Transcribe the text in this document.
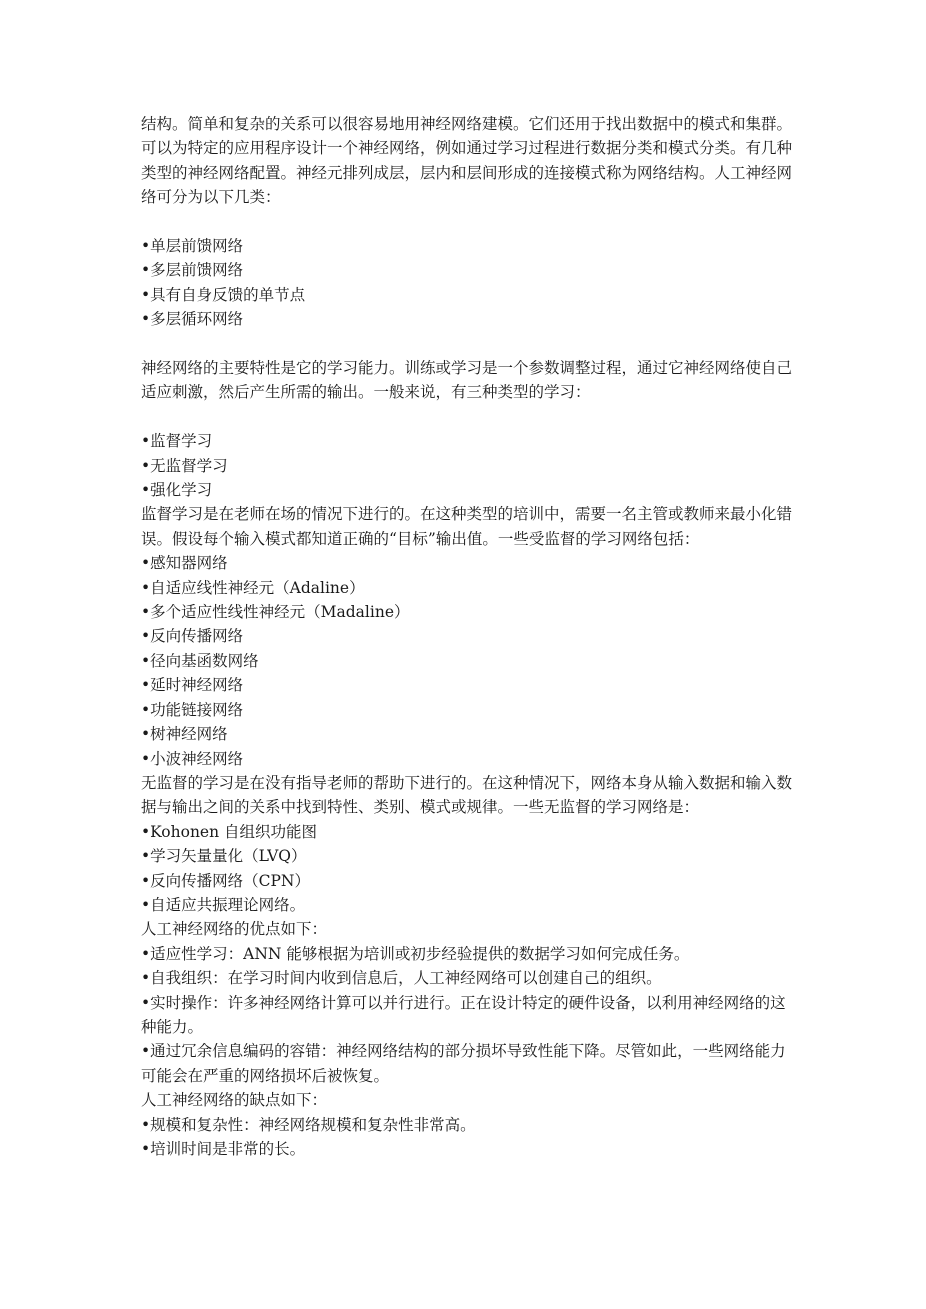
结构。简单和复杂的关系可以很容易地用神经网络建模。它们还用于找出数据中的模式和集群。可以为特定的应用程序设计一个神经网络，例如通过学习过程进行数据分类和模式分类。有几种类型的神经网络配置。神经元排列成层，层内和层间形成的连接模式称为网络结构。人工神经网络可分为以下几类：
•单层前馈网络
•多层前馈网络
•具有自身反馈的单节点
•多层循环网络
神经网络的主要特性是它的学习能力。训练或学习是一个参数调整过程，通过它神经网络使自己适应刺激，然后产生所需的输出。一般来说，有三种类型的学习：
•监督学习
•无监督学习
•强化学习
监督学习是在老师在场的情况下进行的。在这种类型的培训中，需要一名主管或教师来最小化错误。假设每个输入模式都知道正确的“目标”输出值。一些受监督的学习网络包括：
•感知器网络
•自适应线性神经元（Adaline）
•多个适应性线性神经元（Madaline）
•反向传播网络
•径向基函数网络
•延时神经网络
•功能链接网络
•树神经网络
•小波神经网络
无监督的学习是在没有指导老师的帮助下进行的。在这种情况下，网络本身从输入数据和输入数据与输出之间的关系中找到特性、类别、模式或规律。一些无监督的学习网络是：
•Kohonen 自组织功能图
•学习矢量量化（LVQ）
•反向传播网络（CPN）
•自适应共振理论网络。
人工神经网络的优点如下：
•适应性学习：ANN 能够根据为培训或初步经验提供的数据学习如何完成任务。
•自我组织：在学习时间内收到信息后，人工神经网络可以创建自己的组织。
•实时操作：许多神经网络计算可以并行进行。正在设计特定的硬件设备，以利用神经网络的这种能力。
•通过冗余信息编码的容错：神经网络结构的部分损坏导致性能下降。尽管如此，一些网络能力可能会在严重的网络损坏后被恢复。
人工神经网络的缺点如下：
•规模和复杂性：神经网络规模和复杂性非常高。
•培训时间是非常的长。
